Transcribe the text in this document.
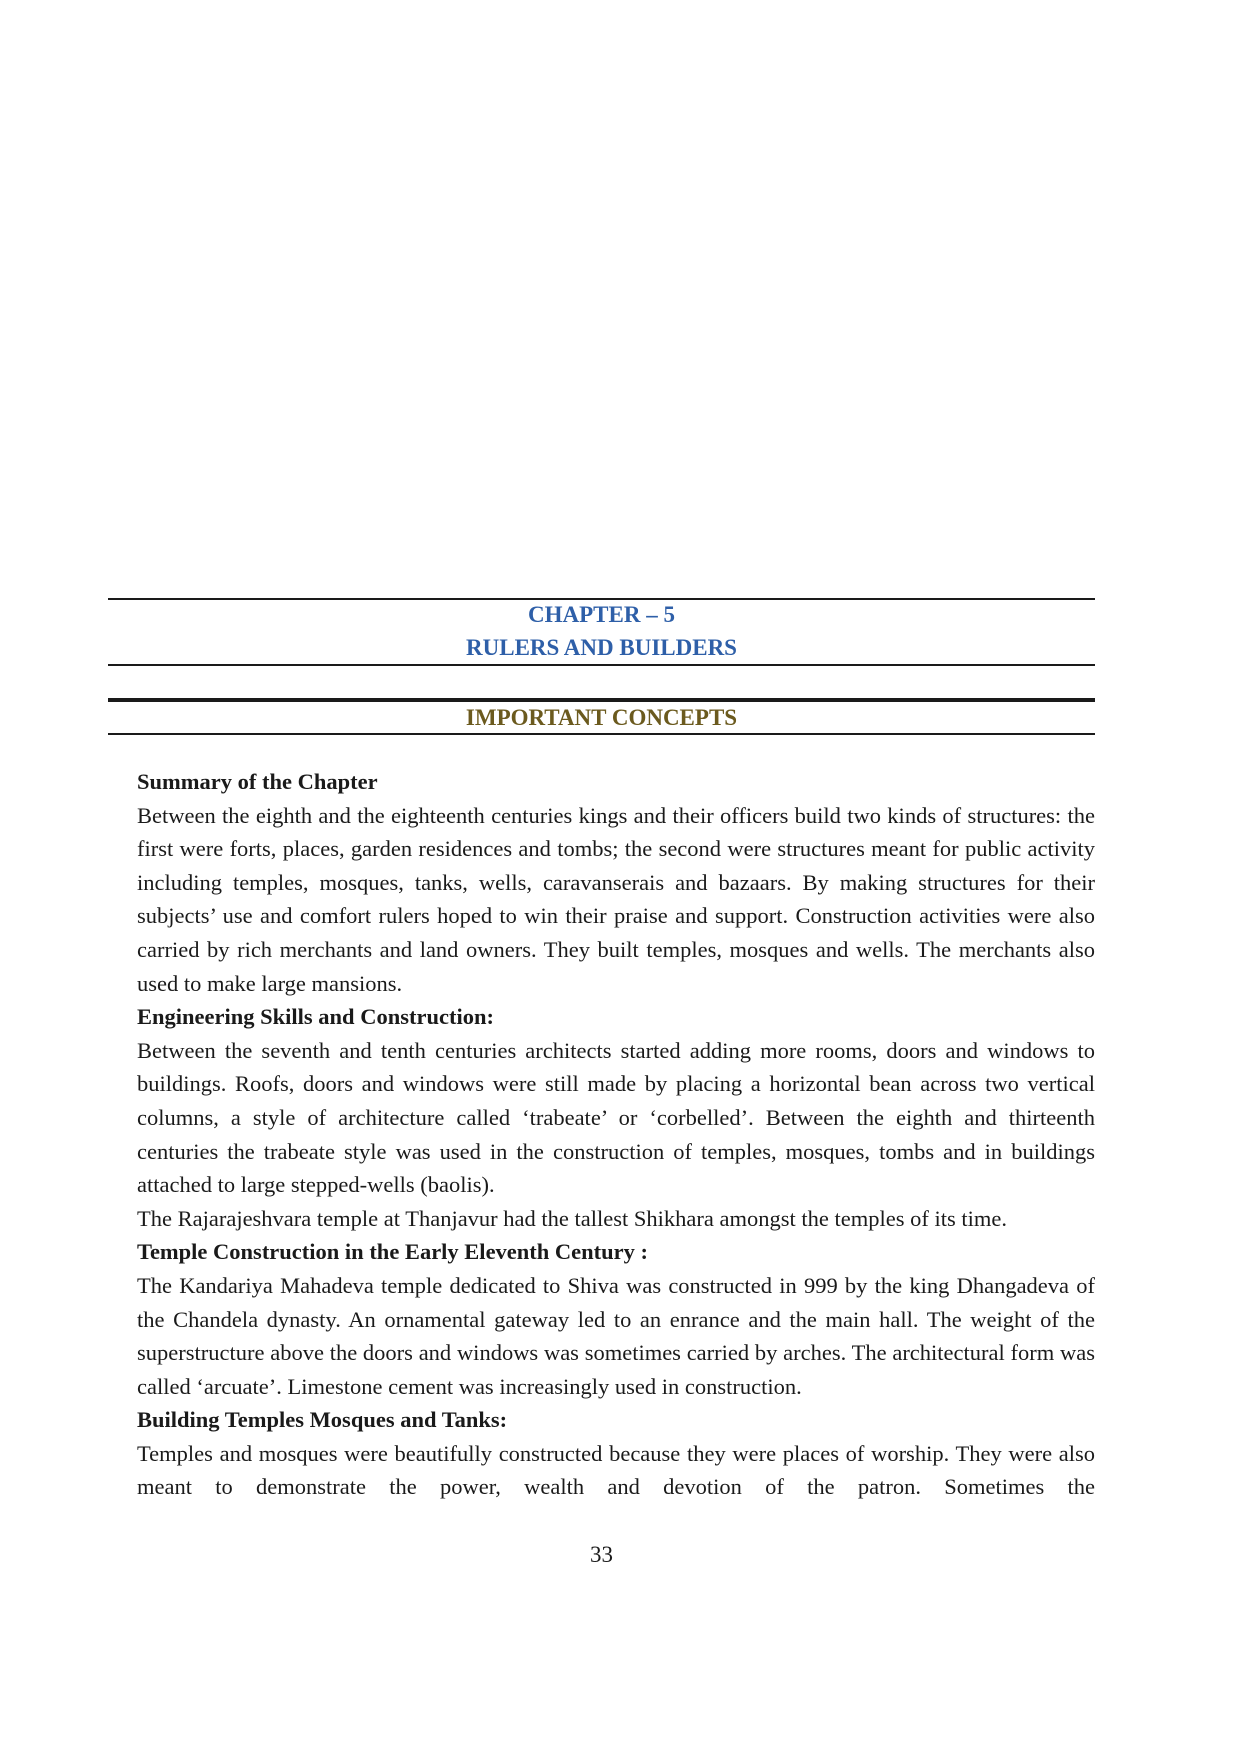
CHAPTER – 5
RULERS AND BUILDERS
IMPORTANT CONCEPTS
Summary of the Chapter

Between the eighth and the eighteenth centuries kings and their officers build two kinds of structures: the first were forts, places, garden residences and tombs; the second were structures meant for public activity including temples, mosques, tanks, wells, caravanserais and bazaars. By making structures for their subjects’ use and comfort rulers hoped to win their praise and support. Construction activities were also carried by rich merchants and land owners. They built temples, mosques and wells. The merchants also used to make large mansions.

Engineering Skills and Construction:

Between the seventh and tenth centuries architects started adding more rooms, doors and windows to buildings. Roofs, doors and windows were still made by placing a horizontal bean across two vertical columns, a style of architecture called ‘trabeate’ or ‘corbelled’. Between the eighth and thirteenth centuries the trabeate style was used in the construction of temples, mosques, tombs and in buildings attached to large stepped-wells (baolis).

The Rajarajeshvara temple at Thanjavur had the tallest Shikhara amongst the temples of its time.

Temple Construction in the Early Eleventh Century :

The Kandariya Mahadeva temple dedicated to Shiva was constructed in 999 by the king Dhangadeva of the Chandela dynasty. An ornamental gateway led to an enrance and the main hall. The weight of the superstructure above the doors and windows was sometimes carried by arches. The architectural form was called ‘arcuate’. Limestone cement was increasingly used in construction.

Building Temples Mosques and Tanks:

Temples and mosques were beautifully constructed because they were places of worship. They were also meant to demonstrate the power, wealth and devotion of the patron. Sometimes the

33
